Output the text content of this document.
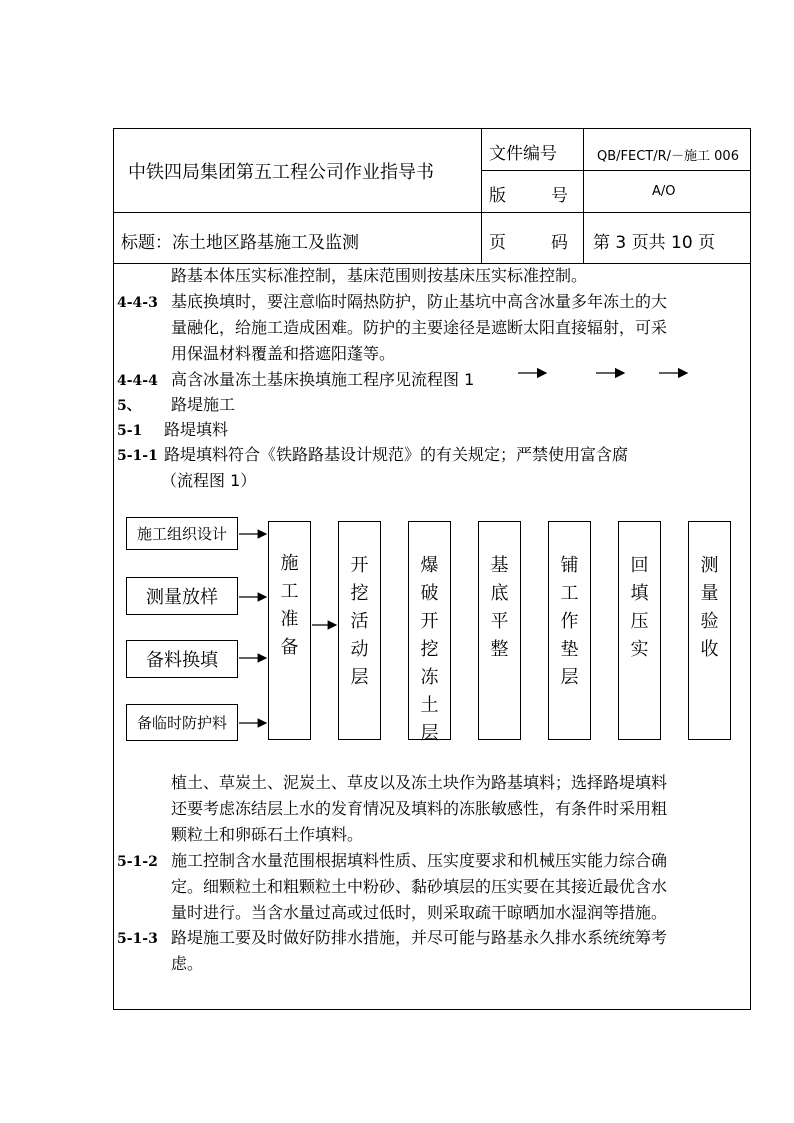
中铁四局集团第五工程公司作业指导书
文件编号	QB/FECT/R/－施工 006
版	号	A/O
标题：冻土地区路基施工及监测	页	码 第 3 页共 10 页
路基本体压实标准控制，基床范围则按基床压实标准控制。
4-4-3 基底换填时，要注意临时隔热防护，防止基坑中高含冰量多年冻土的大
量融化，给施工造成困难。防护的主要途径是遮断太阳直接辐射，可采
用保温材料覆盖和搭遮阳蓬等。
4-4-4 高含冰量冻土基床换填施工程序见流程图 1
5、 路堤施工
5-1 路堤填料
5-1-1 路堤填料符合《铁路路基设计规范》的有关规定；严禁使用富含腐
（流程图 1）
施工组织设计
测量放样
备料换填
备临时防护料
施
工
准
备
开
挖
活
动
层
爆
破
开
挖
冻
土
层
基
底
平
整
铺
工
作
垫
层
回
填
压
实
测
量
验
收
植土、草炭土、泥炭土、草皮以及冻土块作为路基填料；选择路堤填料
还要考虑冻结层上水的发育情况及填料的冻胀敏感性，有条件时采用粗
颗粒土和卵砾石土作填料。
5-1-2 施工控制含水量范围根据填料性质、压实度要求和机械压实能力综合确
定。细颗粒土和粗颗粒土中粉砂、黏砂填层的压实要在其接近最优含水
量时进行。当含水量过高或过低时，则采取疏干晾晒加水湿润等措施。
5-1-3 路堤施工要及时做好防排水措施，并尽可能与路基永久排水系统统筹考
虑。
